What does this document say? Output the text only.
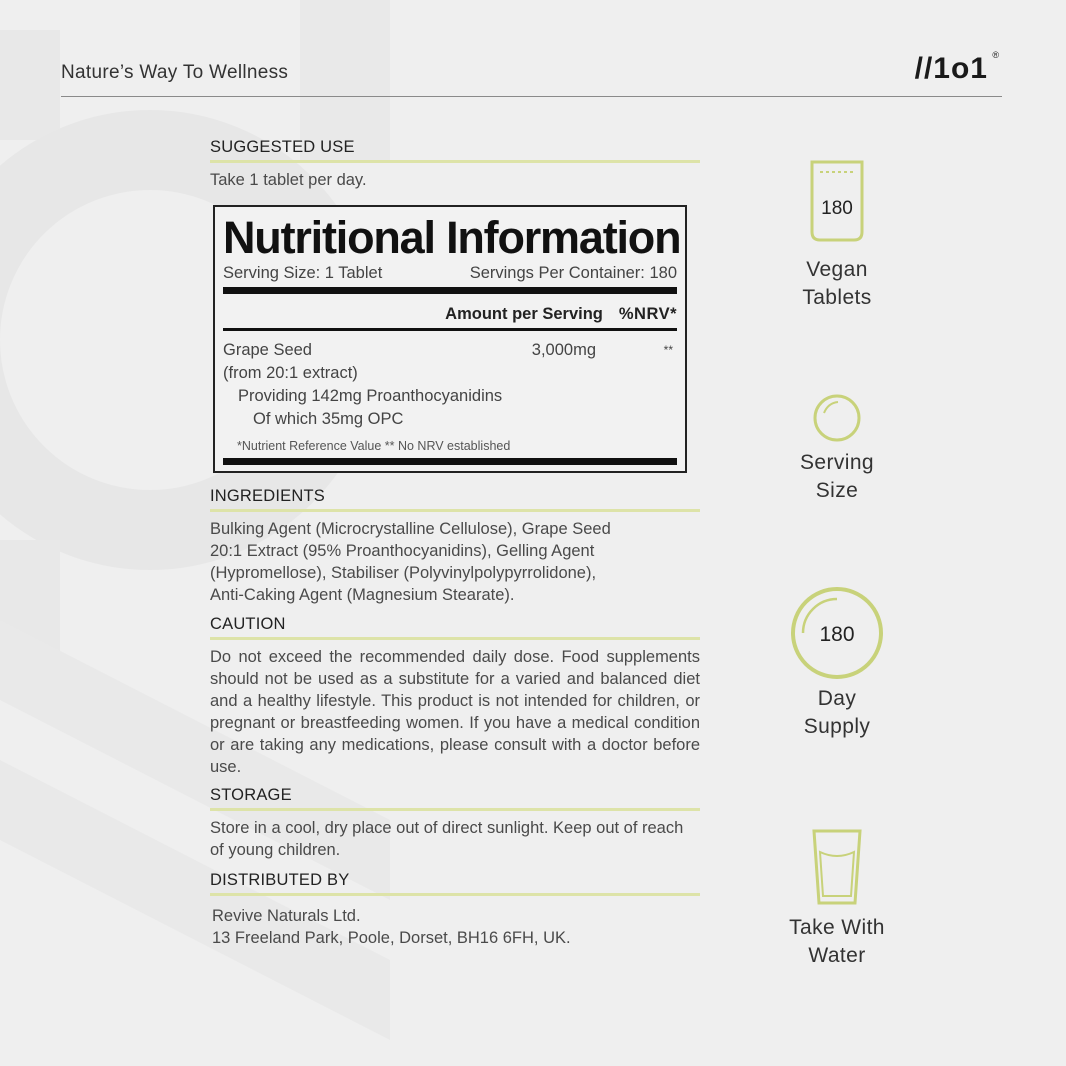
Nature’s Way To Wellness	//1o1 ®
SUGGESTED USE
Take 1 tablet per day.
Nutritional Information
Serving Size: 1 Tablet	Servings Per Container: 180
Amount per Serving %NRV*
Grape Seed	3,000mg	**
(from 20:1 extract)
Providing 142mg Proanthocyanidins
Of which 35mg OPC
*Nutrient Reference Value ** No NRV established
INGREDIENTS
Bulking Agent (Microcrystalline Cellulose), Grape Seed
20:1 Extract (95% Proanthocyanidins), Gelling Agent
(Hypromellose), Stabiliser (Polyvinylpolypyrrolidone),
Anti-Caking Agent (Magnesium Stearate).
CAUTION
Do not exceed the recommended daily dose. Food supplements should not be used as a substitute for a varied and balanced diet and a healthy lifestyle. This product is not intended for children, or pregnant or breastfeeding women. If you have a medical condition or are taking any medications, please consult with a doctor before use.
STORAGE
Store in a cool, dry place out of direct sunlight. Keep out of reach of young children.
DISTRIBUTED BY
Revive Naturals Ltd.
13 Freeland Park, Poole, Dorset, BH16 6FH, UK.
180
Vegan
Tablets
Serving
Size
180
Day
Supply
Take With
Water
